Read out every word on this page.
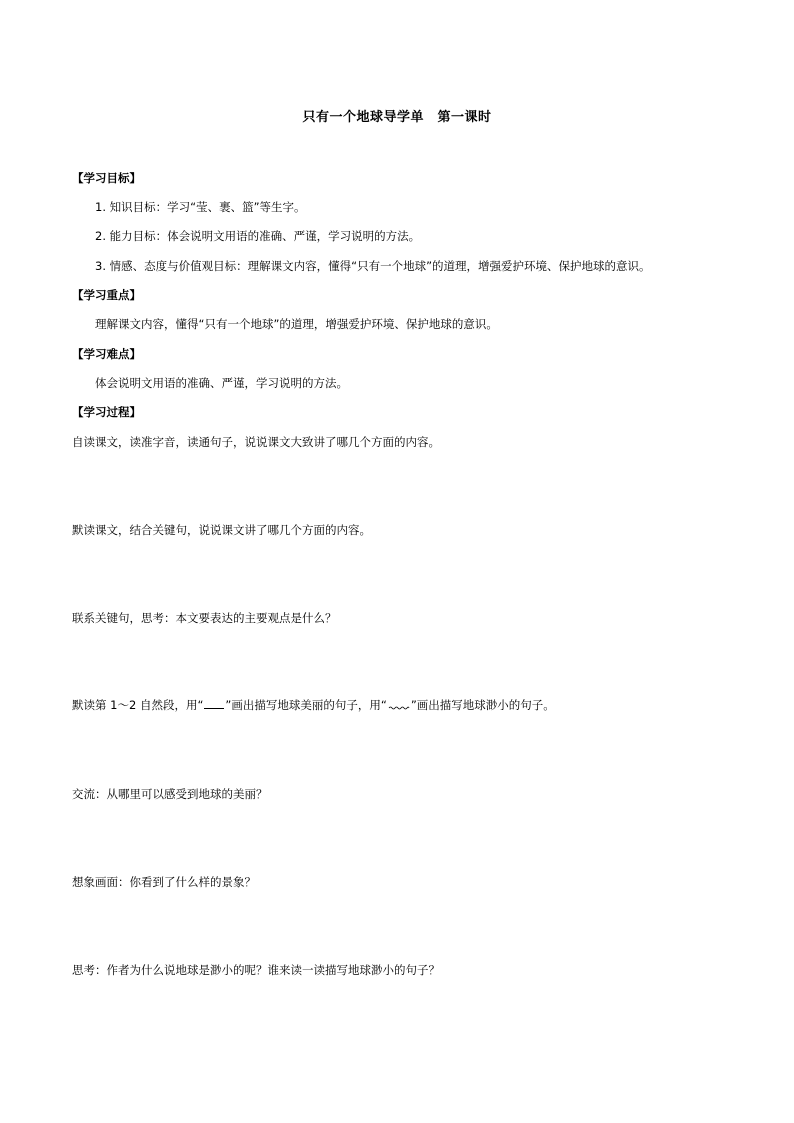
只有一个地球导学单　第一课时
【学习目标】
1. 知识目标：学习“莹、裹、篮”等生字。
2. 能力目标：体会说明文用语的准确、严谨，学习说明的方法。
3. 情感、态度与价值观目标：理解课文内容，懂得“只有一个地球”的道理，增强爱护环境、保护地球的意识。
【学习重点】
理解课文内容，懂得“只有一个地球”的道理，增强爱护环境、保护地球的意识。
【学习难点】
体会说明文用语的准确、严谨，学习说明的方法。
【学习过程】
自读课文，读准字音，读通句子，说说课文大致讲了哪几个方面的内容。
默读课文，结合关键句，说说课文讲了哪几个方面的内容。
联系关键句，思考：本文要表达的主要观点是什么？
默读第 1～2 自然段，用“ ”画出描写地球美丽的句子，用“ ”画出描写地球渺小的句子。
交流：从哪里可以感受到地球的美丽？
想象画面：你看到了什么样的景象？
思考：作者为什么说地球是渺小的呢？谁来读一读描写地球渺小的句子？
